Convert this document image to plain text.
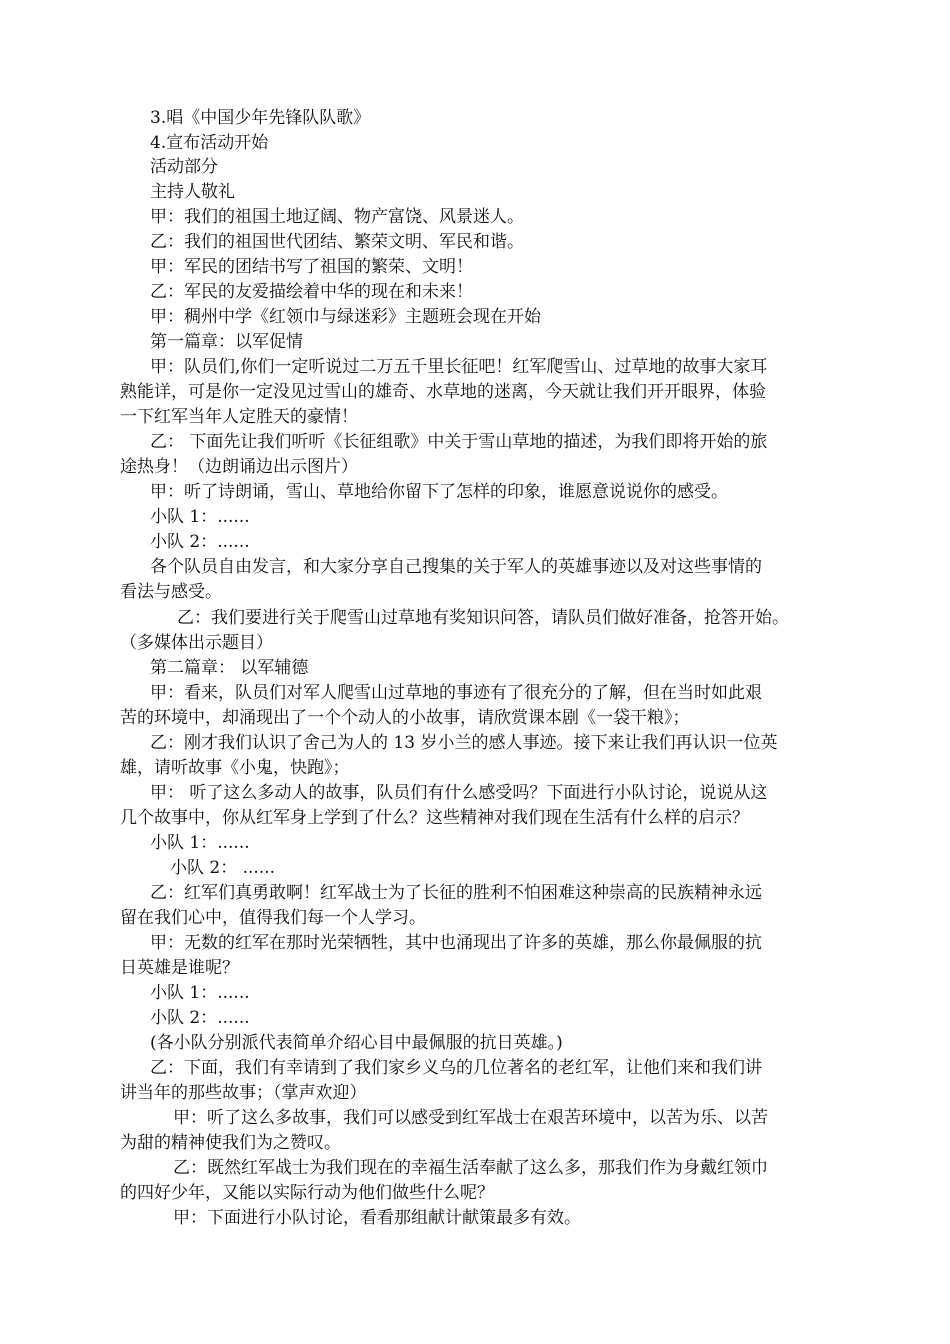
3.唱《中国少年先锋队队歌》
4.宣布活动开始
活动部分
主持人敬礼
甲：我们的祖国土地辽阔、物产富饶、风景迷人。
乙：我们的祖国世代团结、繁荣文明、军民和谐。
甲：军民的团结书写了祖国的繁荣、文明！
乙：军民的友爱描绘着中华的现在和未来！
甲：稠州中学《红领巾与绿迷彩》主题班会现在开始
第一篇章：以军促情
甲：队员们,你们一定听说过二万五千里长征吧！红军爬雪山、过草地的故事大家耳
熟能详，可是你一定没见过雪山的雄奇、水草地的迷离，今天就让我们开开眼界，体验
一下红军当年人定胜天的豪情！
乙： 下面先让我们听听《长征组歌》中关于雪山草地的描述，为我们即将开始的旅
途热身！（边朗诵边出示图片）
甲：听了诗朗诵，雪山、草地给你留下了怎样的印象，谁愿意说说你的感受。
小队 1：......
小队 2：......
各个队员自由发言，和大家分享自己搜集的关于军人的英雄事迹以及对这些事情的
看法与感受。
乙：我们要进行关于爬雪山过草地有奖知识问答，请队员们做好准备，抢答开始。
（多媒体出示题目）
第二篇章： 以军辅德
甲：看来，队员们对军人爬雪山过草地的事迹有了很充分的了解，但在当时如此艰
苦的环境中，却涌现出了一个个动人的小故事，请欣赏课本剧《一袋干粮》；
乙：刚才我们认识了舍己为人的 13 岁小兰的感人事迹。接下来让我们再认识一位英
雄，请听故事《小鬼，快跑》；
甲： 听了这么多动人的故事，队员们有什么感受吗？下面进行小队讨论，说说从这
几个故事中，你从红军身上学到了什么？这些精神对我们现在生活有什么样的启示？
小队 1：......
小队 2： ......
乙：红军们真勇敢啊！红军战士为了长征的胜利不怕困难这种崇高的民族精神永远
留在我们心中，值得我们每一个人学习。
甲：无数的红军在那时光荣牺牲，其中也涌现出了许多的英雄，那么你最佩服的抗
日英雄是谁呢？
小队 1：......
小队 2：......
(各小队分别派代表简单介绍心目中最佩服的抗日英雄。)
乙：下面，我们有幸请到了我们家乡义乌的几位著名的老红军，让他们来和我们讲
讲当年的那些故事；（掌声欢迎）
甲：听了这么多故事，我们可以感受到红军战士在艰苦环境中，以苦为乐、以苦
为甜的精神使我们为之赞叹。
乙：既然红军战士为我们现在的幸福生活奉献了这么多，那我们作为身戴红领巾
的四好少年，又能以实际行动为他们做些什么呢？
甲：下面进行小队讨论，看看那组献计献策最多有效。
